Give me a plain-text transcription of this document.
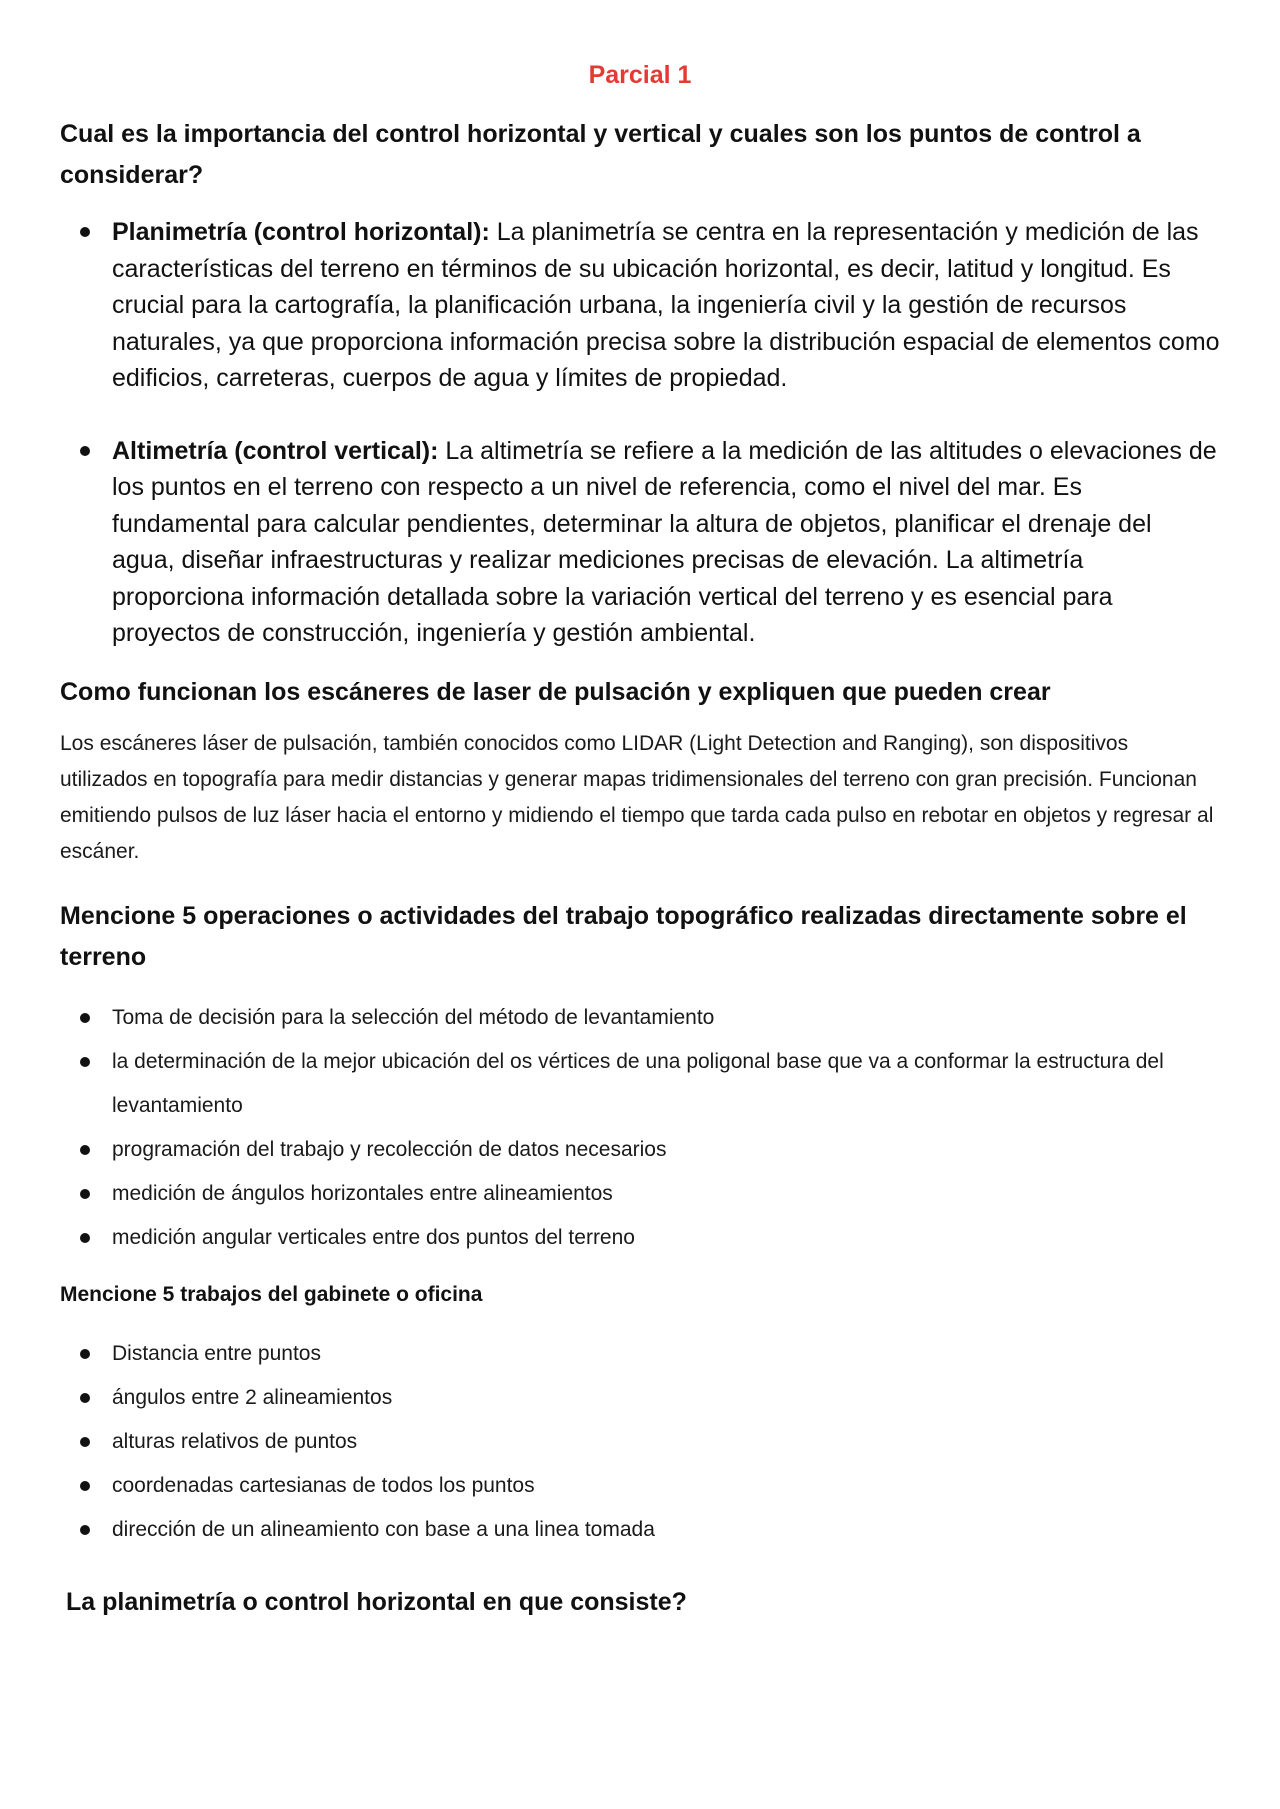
Parcial 1
Cual es la importancia del control horizontal y vertical y cuales son los puntos de control a considerar?
Planimetría (control horizontal): La planimetría se centra en la representación y medición de las características del terreno en términos de su ubicación horizontal, es decir, latitud y longitud. Es crucial para la cartografía, la planificación urbana, la ingeniería civil y la gestión de recursos naturales, ya que proporciona información precisa sobre la distribución espacial de elementos como edificios, carreteras, cuerpos de agua y límites de propiedad.
Altimetría (control vertical): La altimetría se refiere a la medición de las altitudes o elevaciones de los puntos en el terreno con respecto a un nivel de referencia, como el nivel del mar. Es fundamental para calcular pendientes, determinar la altura de objetos, planificar el drenaje del agua, diseñar infraestructuras y realizar mediciones precisas de elevación. La altimetría proporciona información detallada sobre la variación vertical del terreno y es esencial para proyectos de construcción, ingeniería y gestión ambiental.
Como funcionan los escáneres de laser de pulsación y expliquen que pueden crear

Los escáneres láser de pulsación, también conocidos como LIDAR (Light Detection and Ranging), son dispositivos utilizados en topografía para medir distancias y generar mapas tridimensionales del terreno con gran precisión. Funcionan emitiendo pulsos de luz láser hacia el entorno y midiendo el tiempo que tarda cada pulso en rebotar en objetos y regresar al escáner.

Mencione 5 operaciones o actividades del trabajo topográfico realizadas directamente sobre el terreno
Toma de decisión para la selección del método de levantamiento
la determinación de la mejor ubicación del os vértices de una poligonal base que va a conformar la estructura del levantamiento
programación del trabajo y recolección de datos necesarios
medición de ángulos horizontales entre alineamientos
medición angular verticales entre dos puntos del terreno
Mencione 5 trabajos del gabinete o oficina
Distancia entre puntos
ángulos entre 2 alineamientos
alturas relativos de puntos
coordenadas cartesianas de todos los puntos
dirección de un alineamiento con base a una linea tomada
La planimetría o control horizontal en que consiste?
